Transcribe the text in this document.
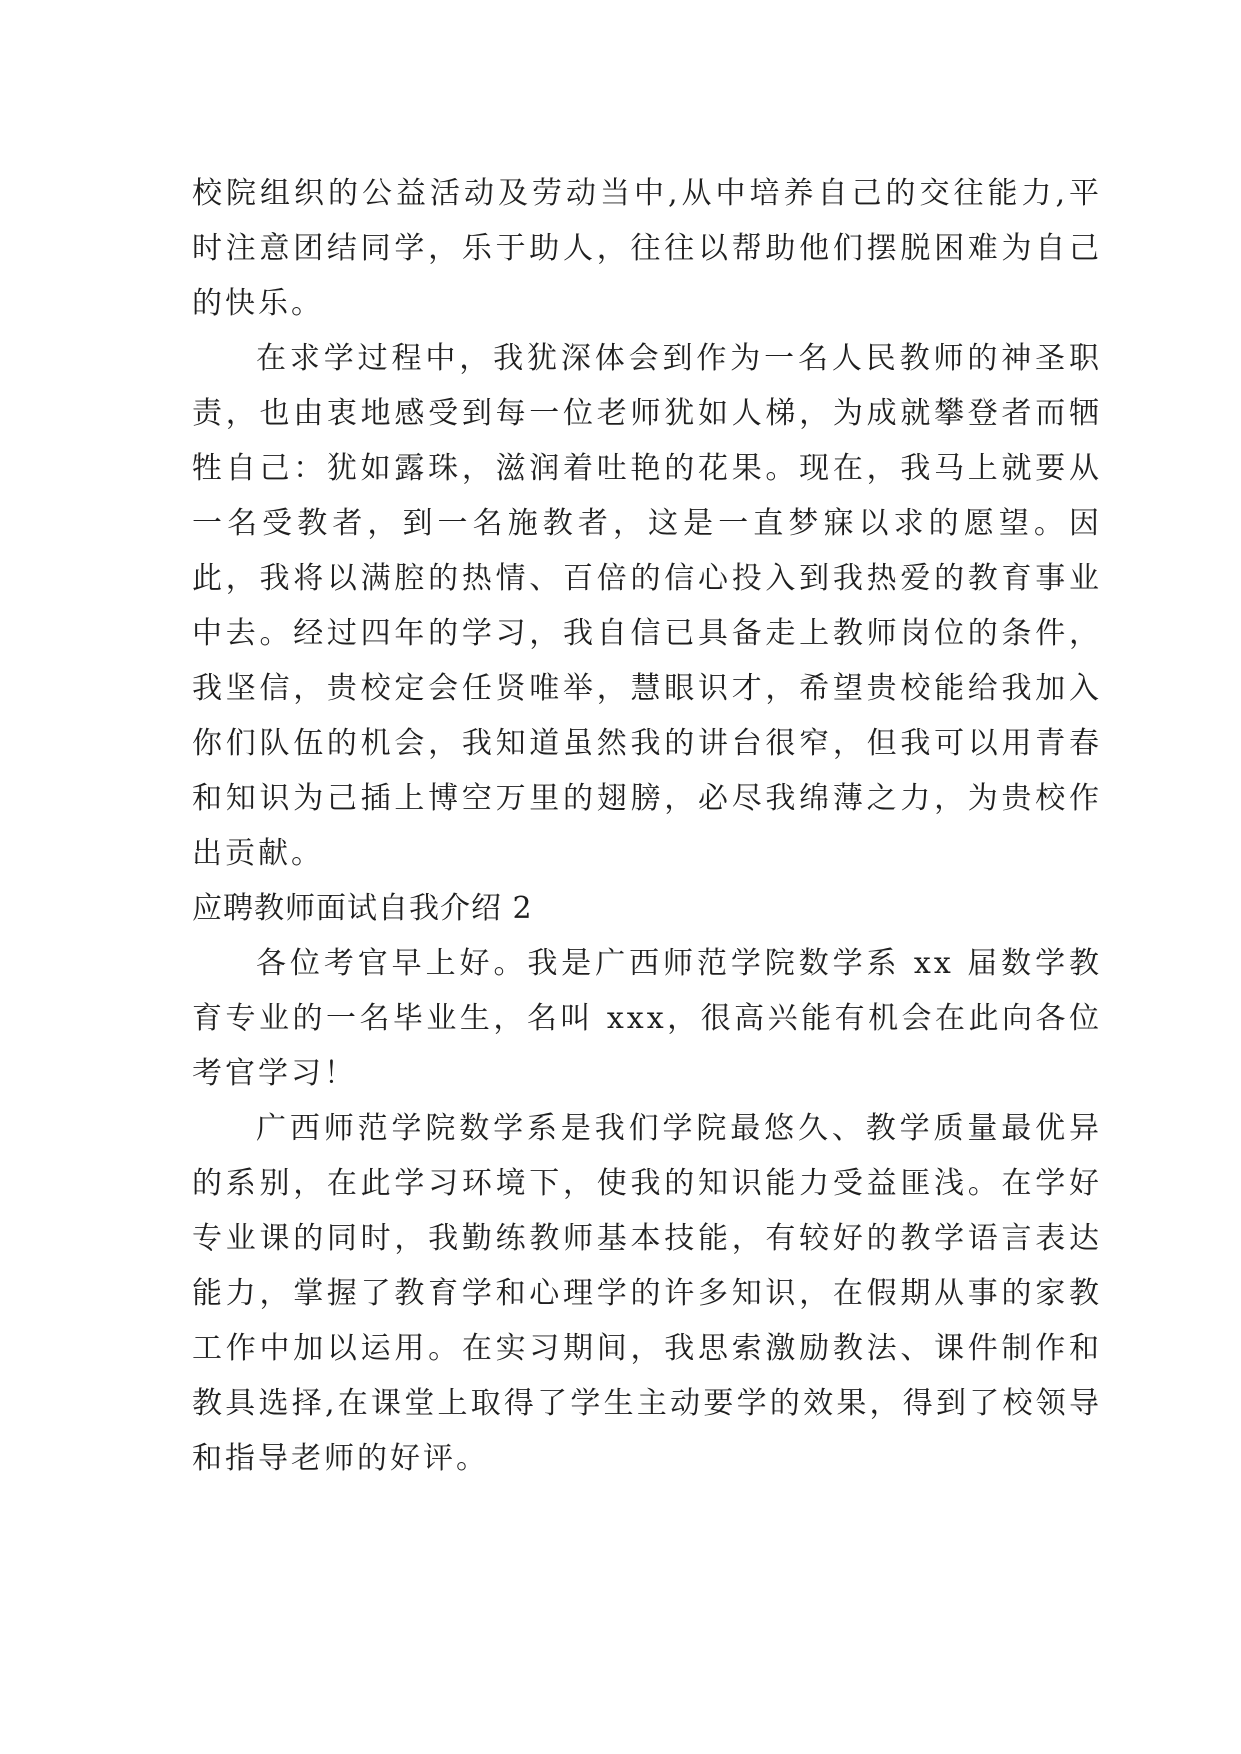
校院组织的公益活动及劳动当中,从中培养自己的交往能力,平时注意团结同学，乐于助人，往往以帮助他们摆脱困难为自己的快乐。

在求学过程中，我犹深体会到作为一名人民教师的神圣职责，也由衷地感受到每一位老师犹如人梯，为成就攀登者而牺牲自己：犹如露珠，滋润着吐艳的花果。现在，我马上就要从一名受教者，到一名施教者，这是一直梦寐以求的愿望。因此，我将以满腔的热情、百倍的信心投入到我热爱的教育事业中去。经过四年的学习，我自信已具备走上教师岗位的条件，我坚信，贵校定会任贤唯举，慧眼识才，希望贵校能给我加入你们队伍的机会，我知道虽然我的讲台很窄，但我可以用青春和知识为己插上博空万里的翅膀，必尽我绵薄之力，为贵校作出贡献。

应聘教师面试自我介绍 2

各位考官早上好。我是广西师范学院数学系 xx 届数学教育专业的一名毕业生，名叫 xxx，很高兴能有机会在此向各位考官学习！

广西师范学院数学系是我们学院最悠久、教学质量最优异的系别，在此学习环境下，使我的知识能力受益匪浅。在学好专业课的同时，我勤练教师基本技能，有较好的教学语言表达能力，掌握了教育学和心理学的许多知识，在假期从事的家教工作中加以运用。在实习期间，我思索激励教法、课件制作和教具选择,在课堂上取得了学生主动要学的效果，得到了校领导和指导老师的好评。
